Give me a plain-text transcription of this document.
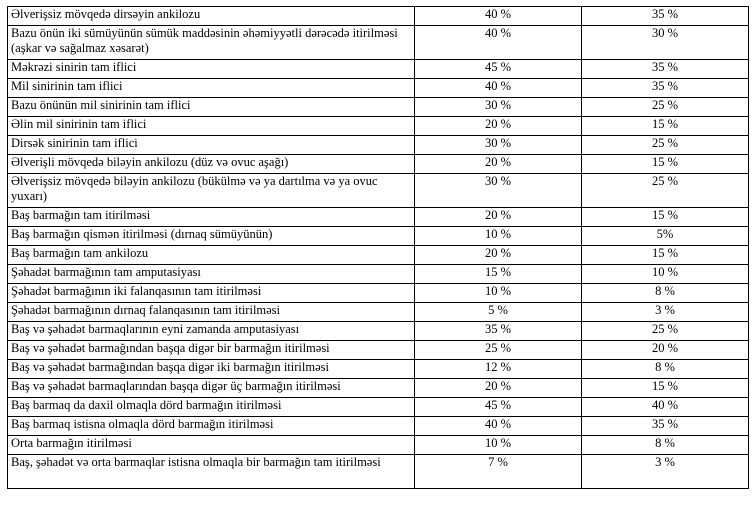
Əlverişsiz mövqedə dirsəyin ankilozu	40 %	35 %
Bazu önün iki sümüyünün sümük maddəsinin əhəmiyyətli dərəcədə itirilməsi (aşkar və sağalmaz xəsarət)	40 %	30 %
Məkrəzi sinirin tam iflici	45 %	35 %
Mil sinirinin tam iflici	40 %	35 %
Bazu önünün mil sinirinin tam iflici	30 %	25 %
Əlin mil sinirinin tam iflici	20 %	15 %
Dirsək sinirinin tam iflici	30 %	25 %
Əlverişli mövqedə biləyin ankilozu (düz və ovuc aşağı)	20 %	15 %
Əlverişsiz mövqedə biləyin ankilozu (bükülmə və ya dartılma və ya ovuc yuxarı)	30 %	25 %
Baş barmağın tam itirilməsi	20 %	15 %
Baş barmağın qismən itirilməsi (dırnaq sümüyünün)	10 %	5%
Baş barmağın tam ankilozu	20 %	15 %
Şəhadət barmağının tam amputasiyası	15 %	10 %
Şəhadət barmağının iki falanqasının tam itirilməsi	10 %	8 %
Şəhadət barmağının dırnaq falanqasının tam itirilməsi	5 %	3 %
Baş və şəhadət barmaqlarının eyni zamanda amputasiyası	35 %	25 %
Baş və şəhadət barmağından başqa digər bir barmağın itirilməsi	25 %	20 %
Baş və şəhadət barmağından başqa digər iki barmağın itirilməsi	12 %	8 %
Baş və şəhadət barmaqlarından başqa digər üç barmağın itirilməsi	20 %	15 %
Baş barmaq da daxil olmaqla dörd barmağın itirilməsi	45 %	40 %
Baş barmaq istisna olmaqla dörd barmağın itirilməsi	40 %	35 %
Orta barmağın itirilməsi	10 %	8 %
Baş, şəhadət və orta barmaqlar istisna olmaqla bir barmağın tam itirilməsi	7 %	3 %
